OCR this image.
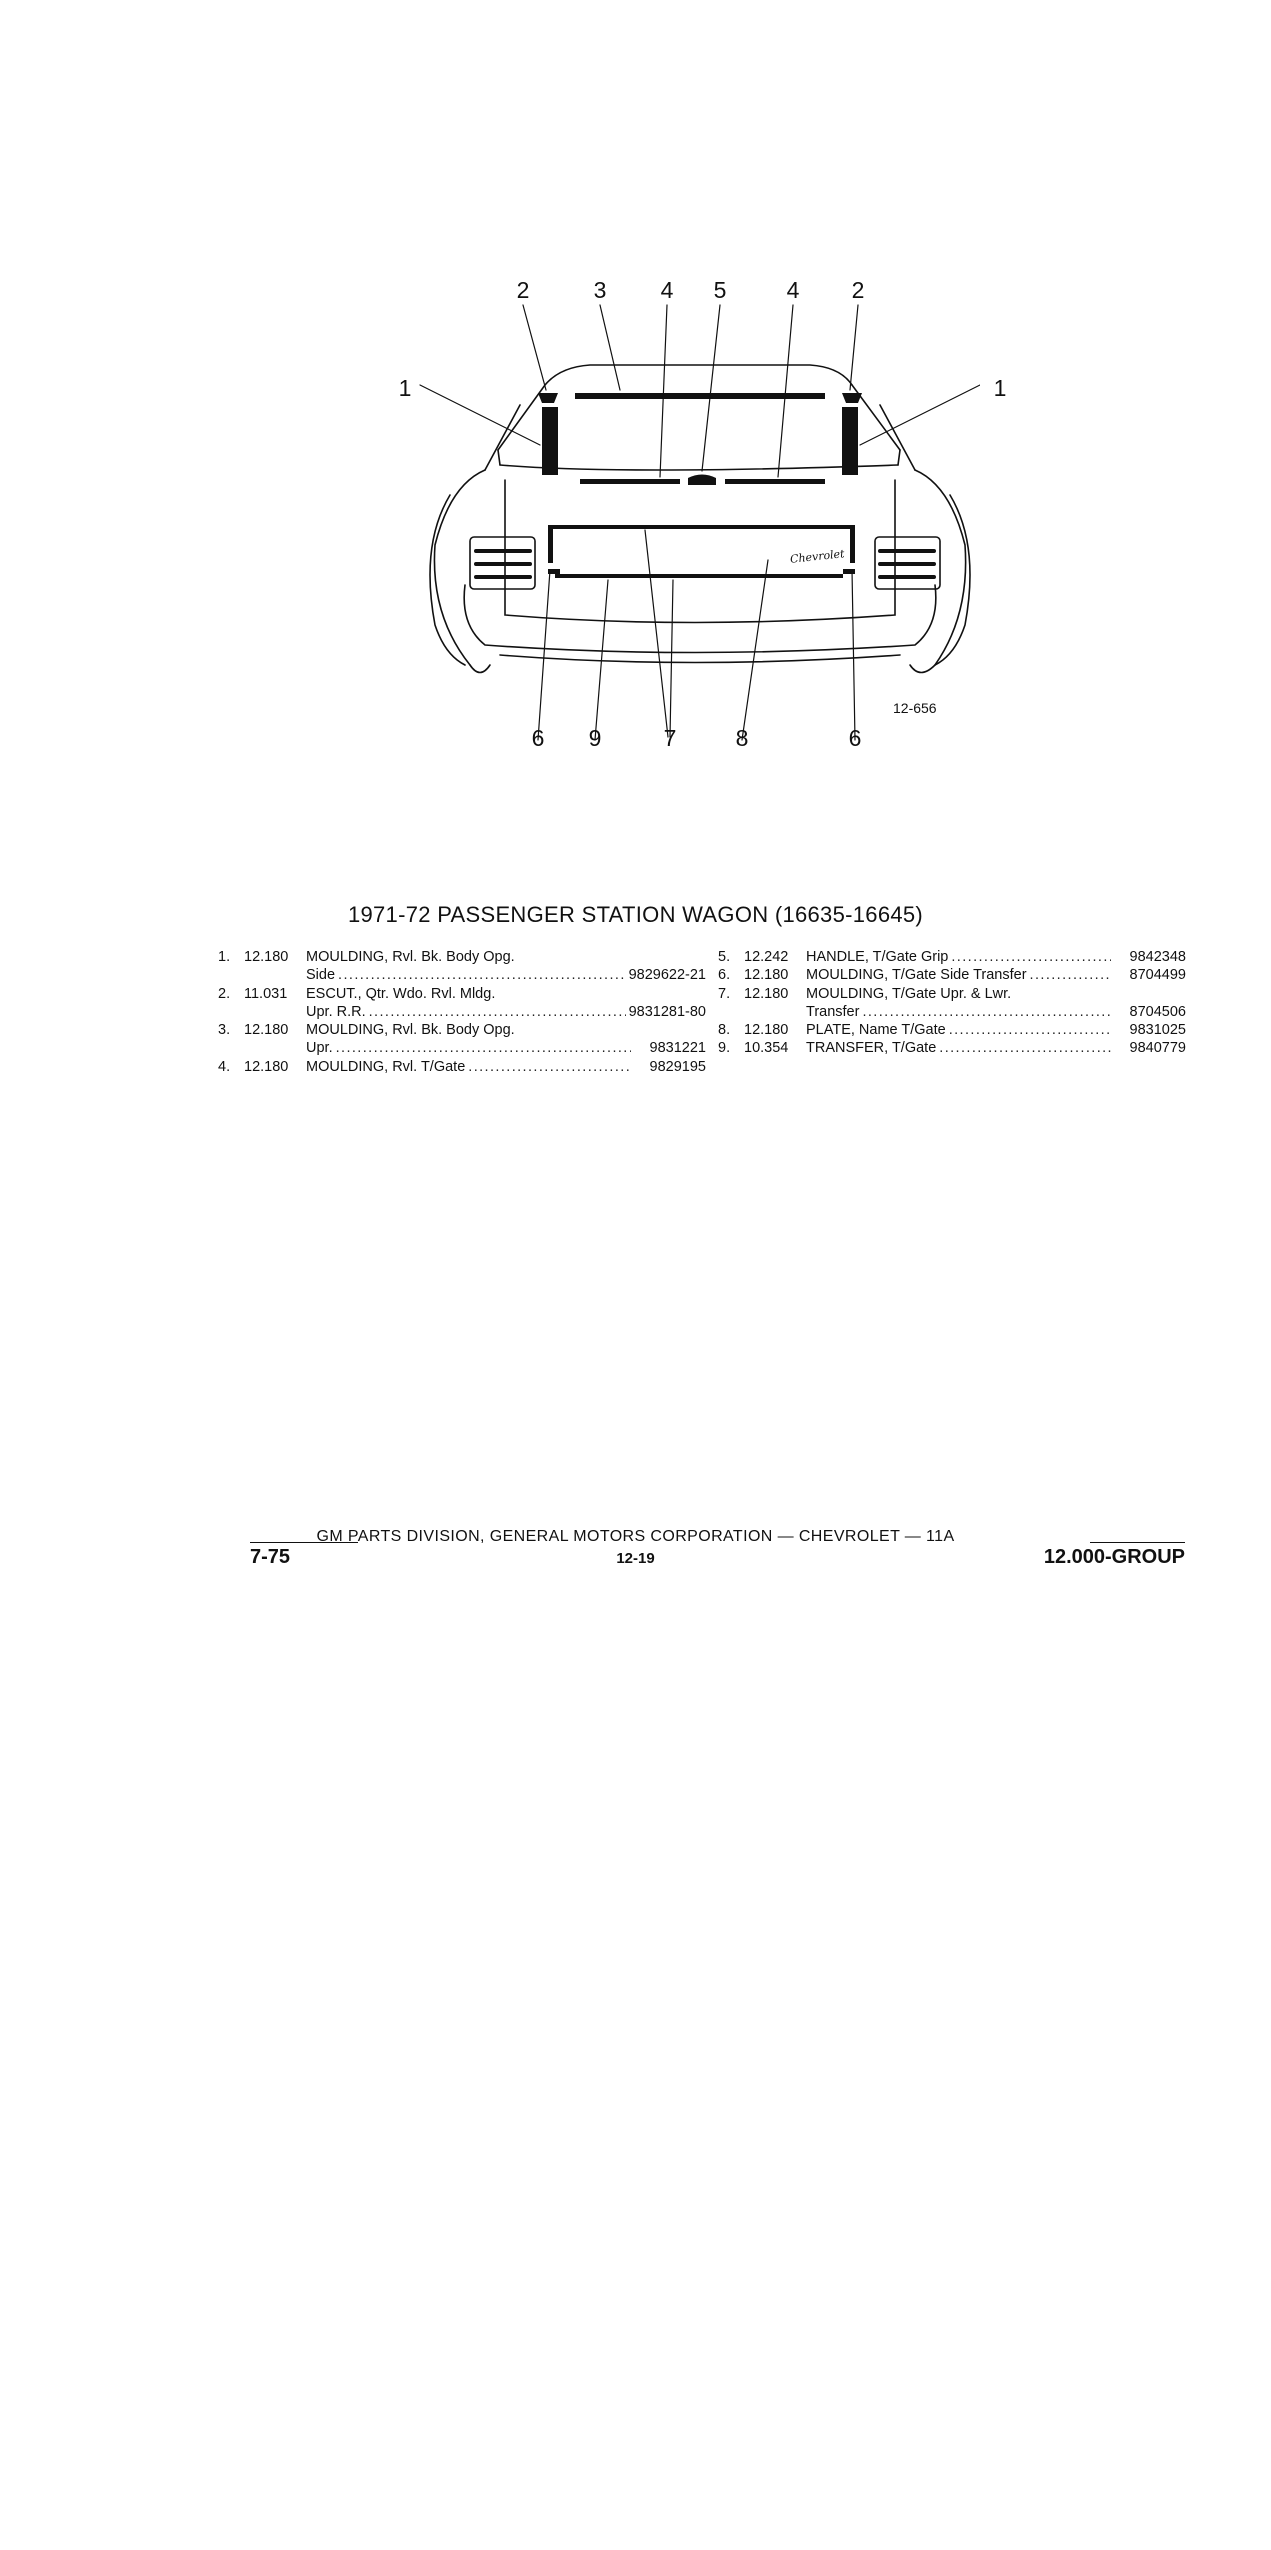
2	3	4	5	4	2
1	1
6	9	7	8	6
Chevrolet
12-656
1971-72 PASSENGER STATION WAGON (16635-16645)
1. 12.180	MOULDING, Rvl. Bk. Body Opg.
Side .....	9829622-21
2. 11.031	ESCUT., Qtr. Wdo. Rvl. Mldg.
Upr. R.R. .....	9831281-80
3. 12.180	MOULDING, Rvl. Bk. Body Opg.
Upr. .....	9831221
4. 12.180	MOULDING, Rvl. T/Gate .....	9829195
5. 12.242	HANDLE, T/Gate Grip .....	9842348
6. 12.180	MOULDING, T/Gate Side Transfer .....	8704499
7. 12.180	MOULDING, T/Gate Upr. & Lwr.
Transfer .....	8704506
8. 12.180	PLATE, Name T/Gate .....	9831025
9. 10.354	TRANSFER, T/Gate .....	9840779
GM PARTS DIVISION, GENERAL MOTORS CORPORATION — CHEVROLET — 11A
7-75	12-19	12.000-GROUP
